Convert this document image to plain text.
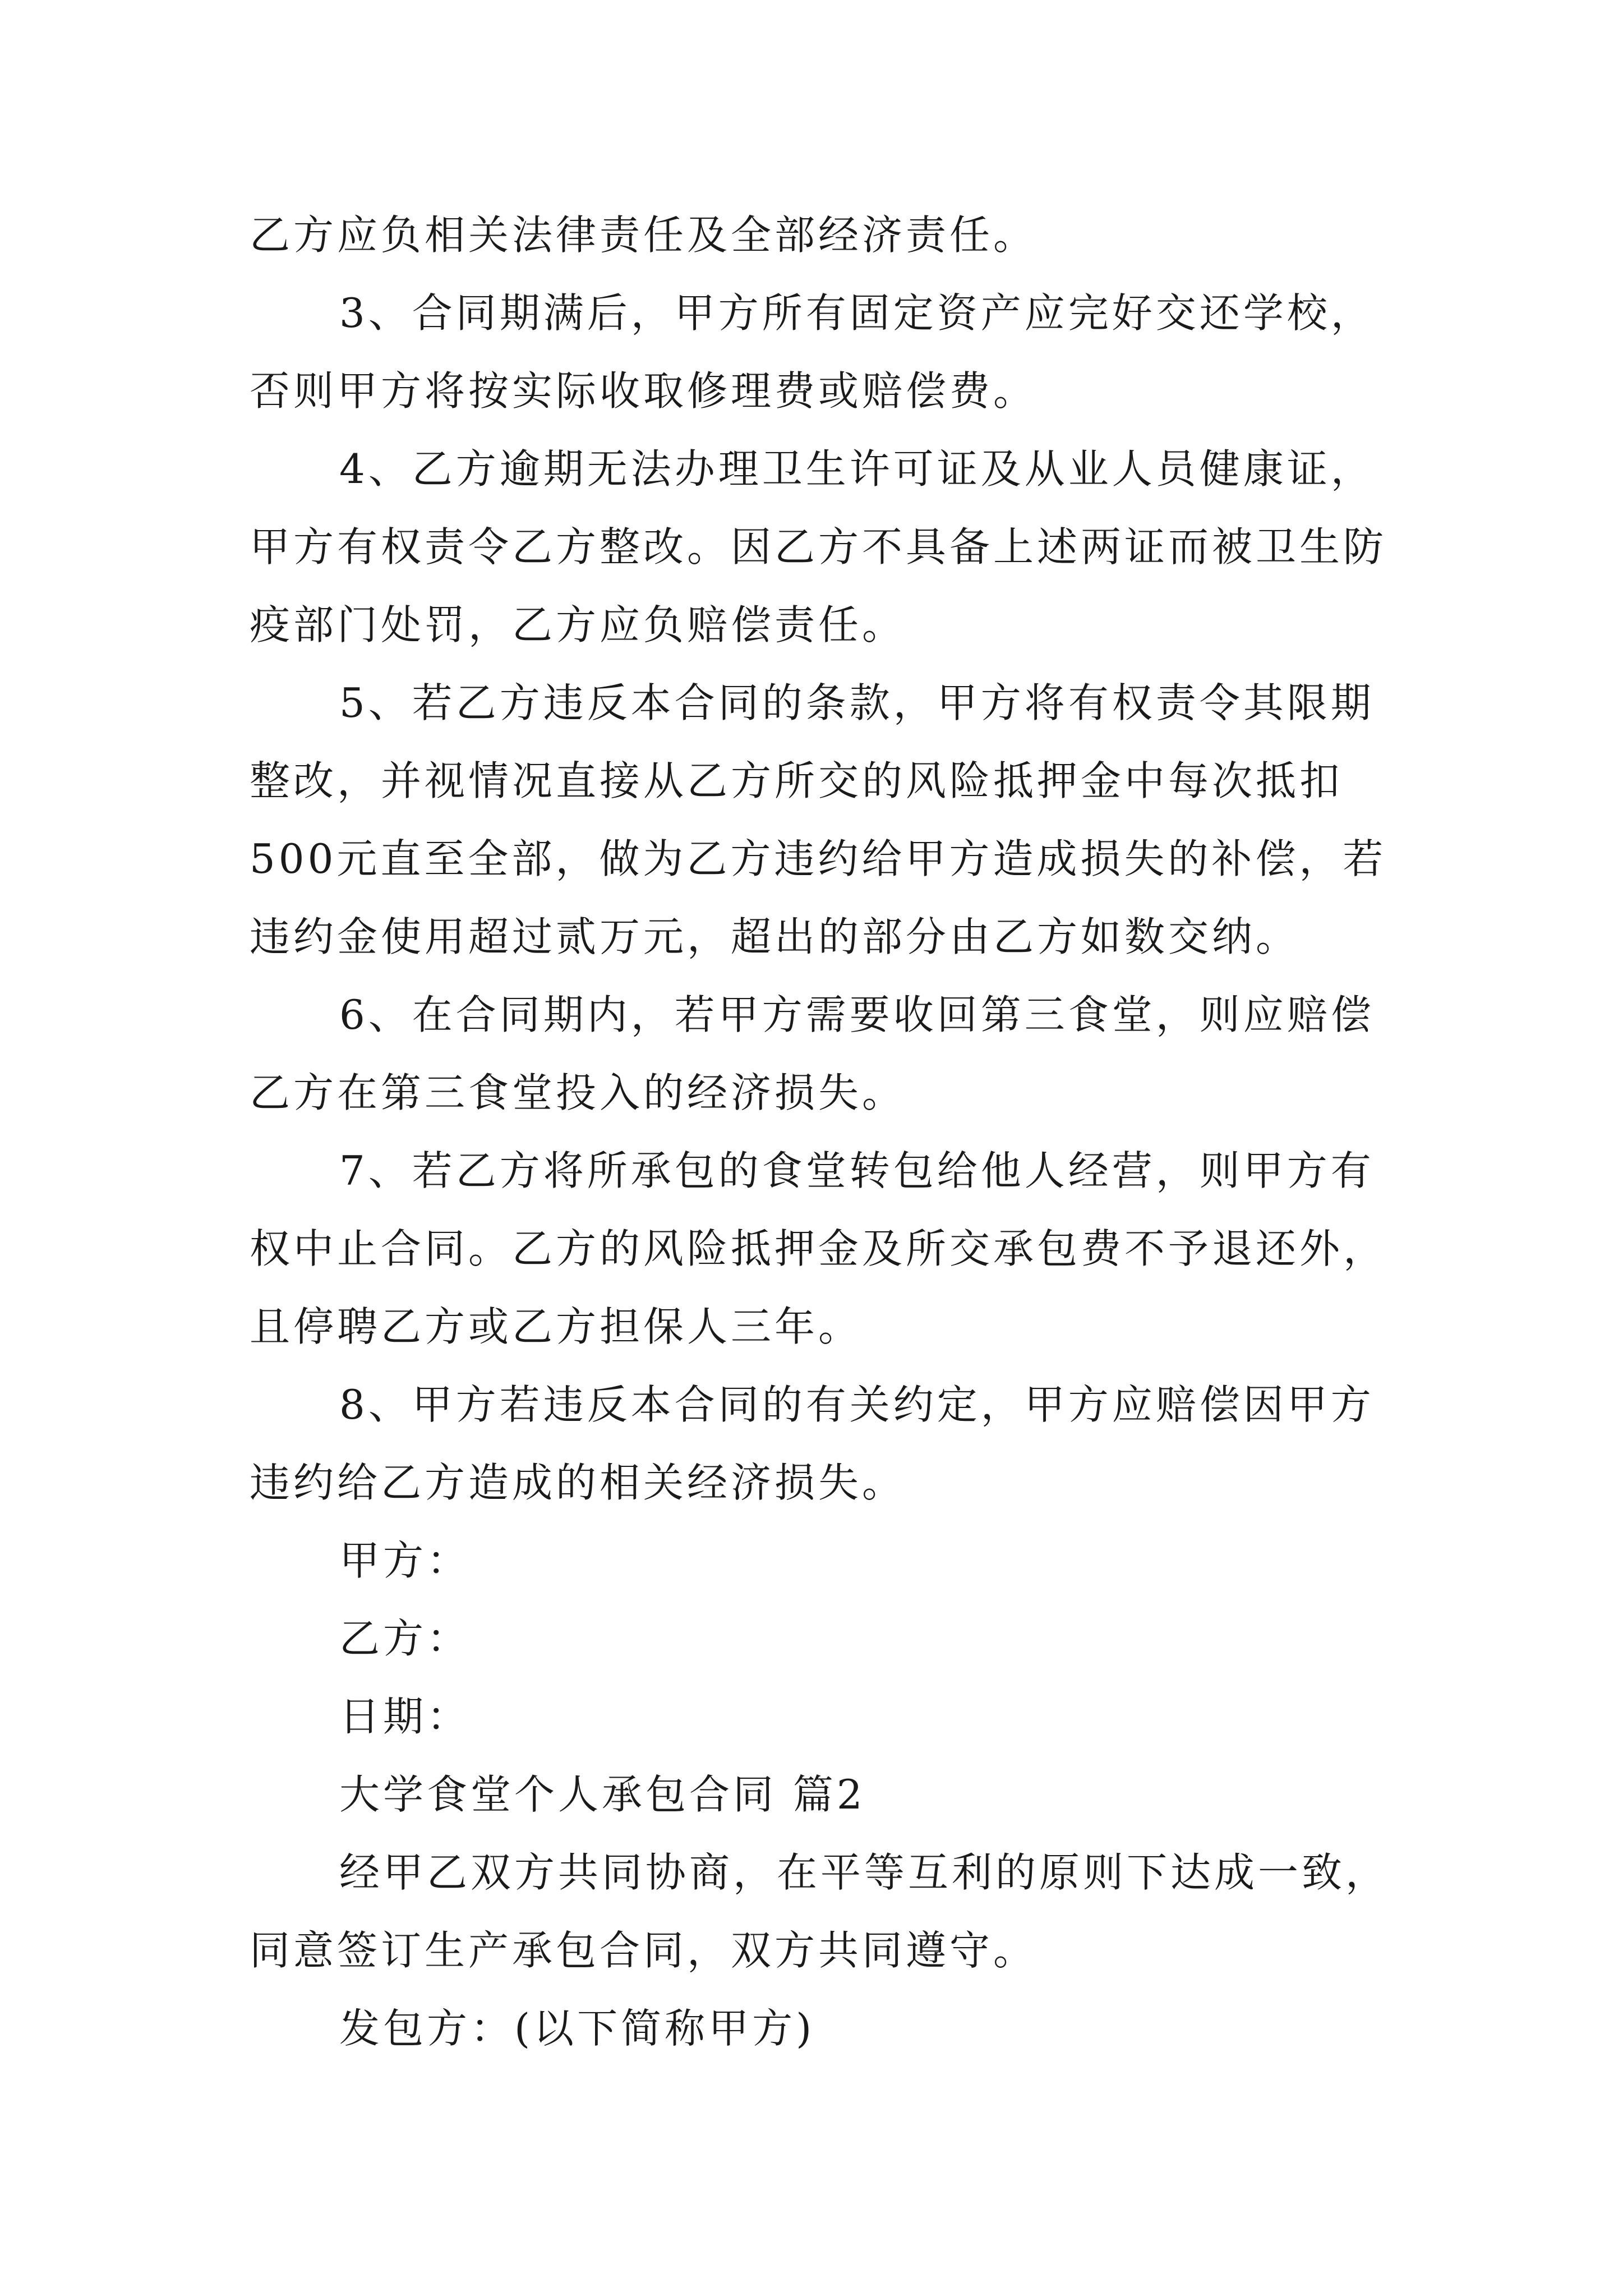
乙方应负相关法律责任及全部经济责任。

3、合同期满后，甲方所有固定资产应完好交还学校，

否则甲方将按实际收取修理费或赔偿费。

4、乙方逾期无法办理卫生许可证及从业人员健康证，

甲方有权责令乙方整改。因乙方不具备上述两证而被卫生防

疫部门处罚，乙方应负赔偿责任。

5、若乙方违反本合同的条款，甲方将有权责令其限期

整改，并视情况直接从乙方所交的风险抵押金中每次抵扣

500元直至全部，做为乙方违约给甲方造成损失的补偿，若

违约金使用超过贰万元，超出的部分由乙方如数交纳。

6、在合同期内，若甲方需要收回第三食堂，则应赔偿

乙方在第三食堂投入的经济损失。

7、若乙方将所承包的食堂转包给他人经营，则甲方有

权中止合同。乙方的风险抵押金及所交承包费不予退还外，

且停聘乙方或乙方担保人三年。

8、甲方若违反本合同的有关约定，甲方应赔偿因甲方

违约给乙方造成的相关经济损失。

甲方：

乙方：

日期：

大学食堂个人承包合同 篇2

经甲乙双方共同协商，在平等互利的原则下达成一致，

同意签订生产承包合同，双方共同遵守。

发包方：(以下简称甲方)
